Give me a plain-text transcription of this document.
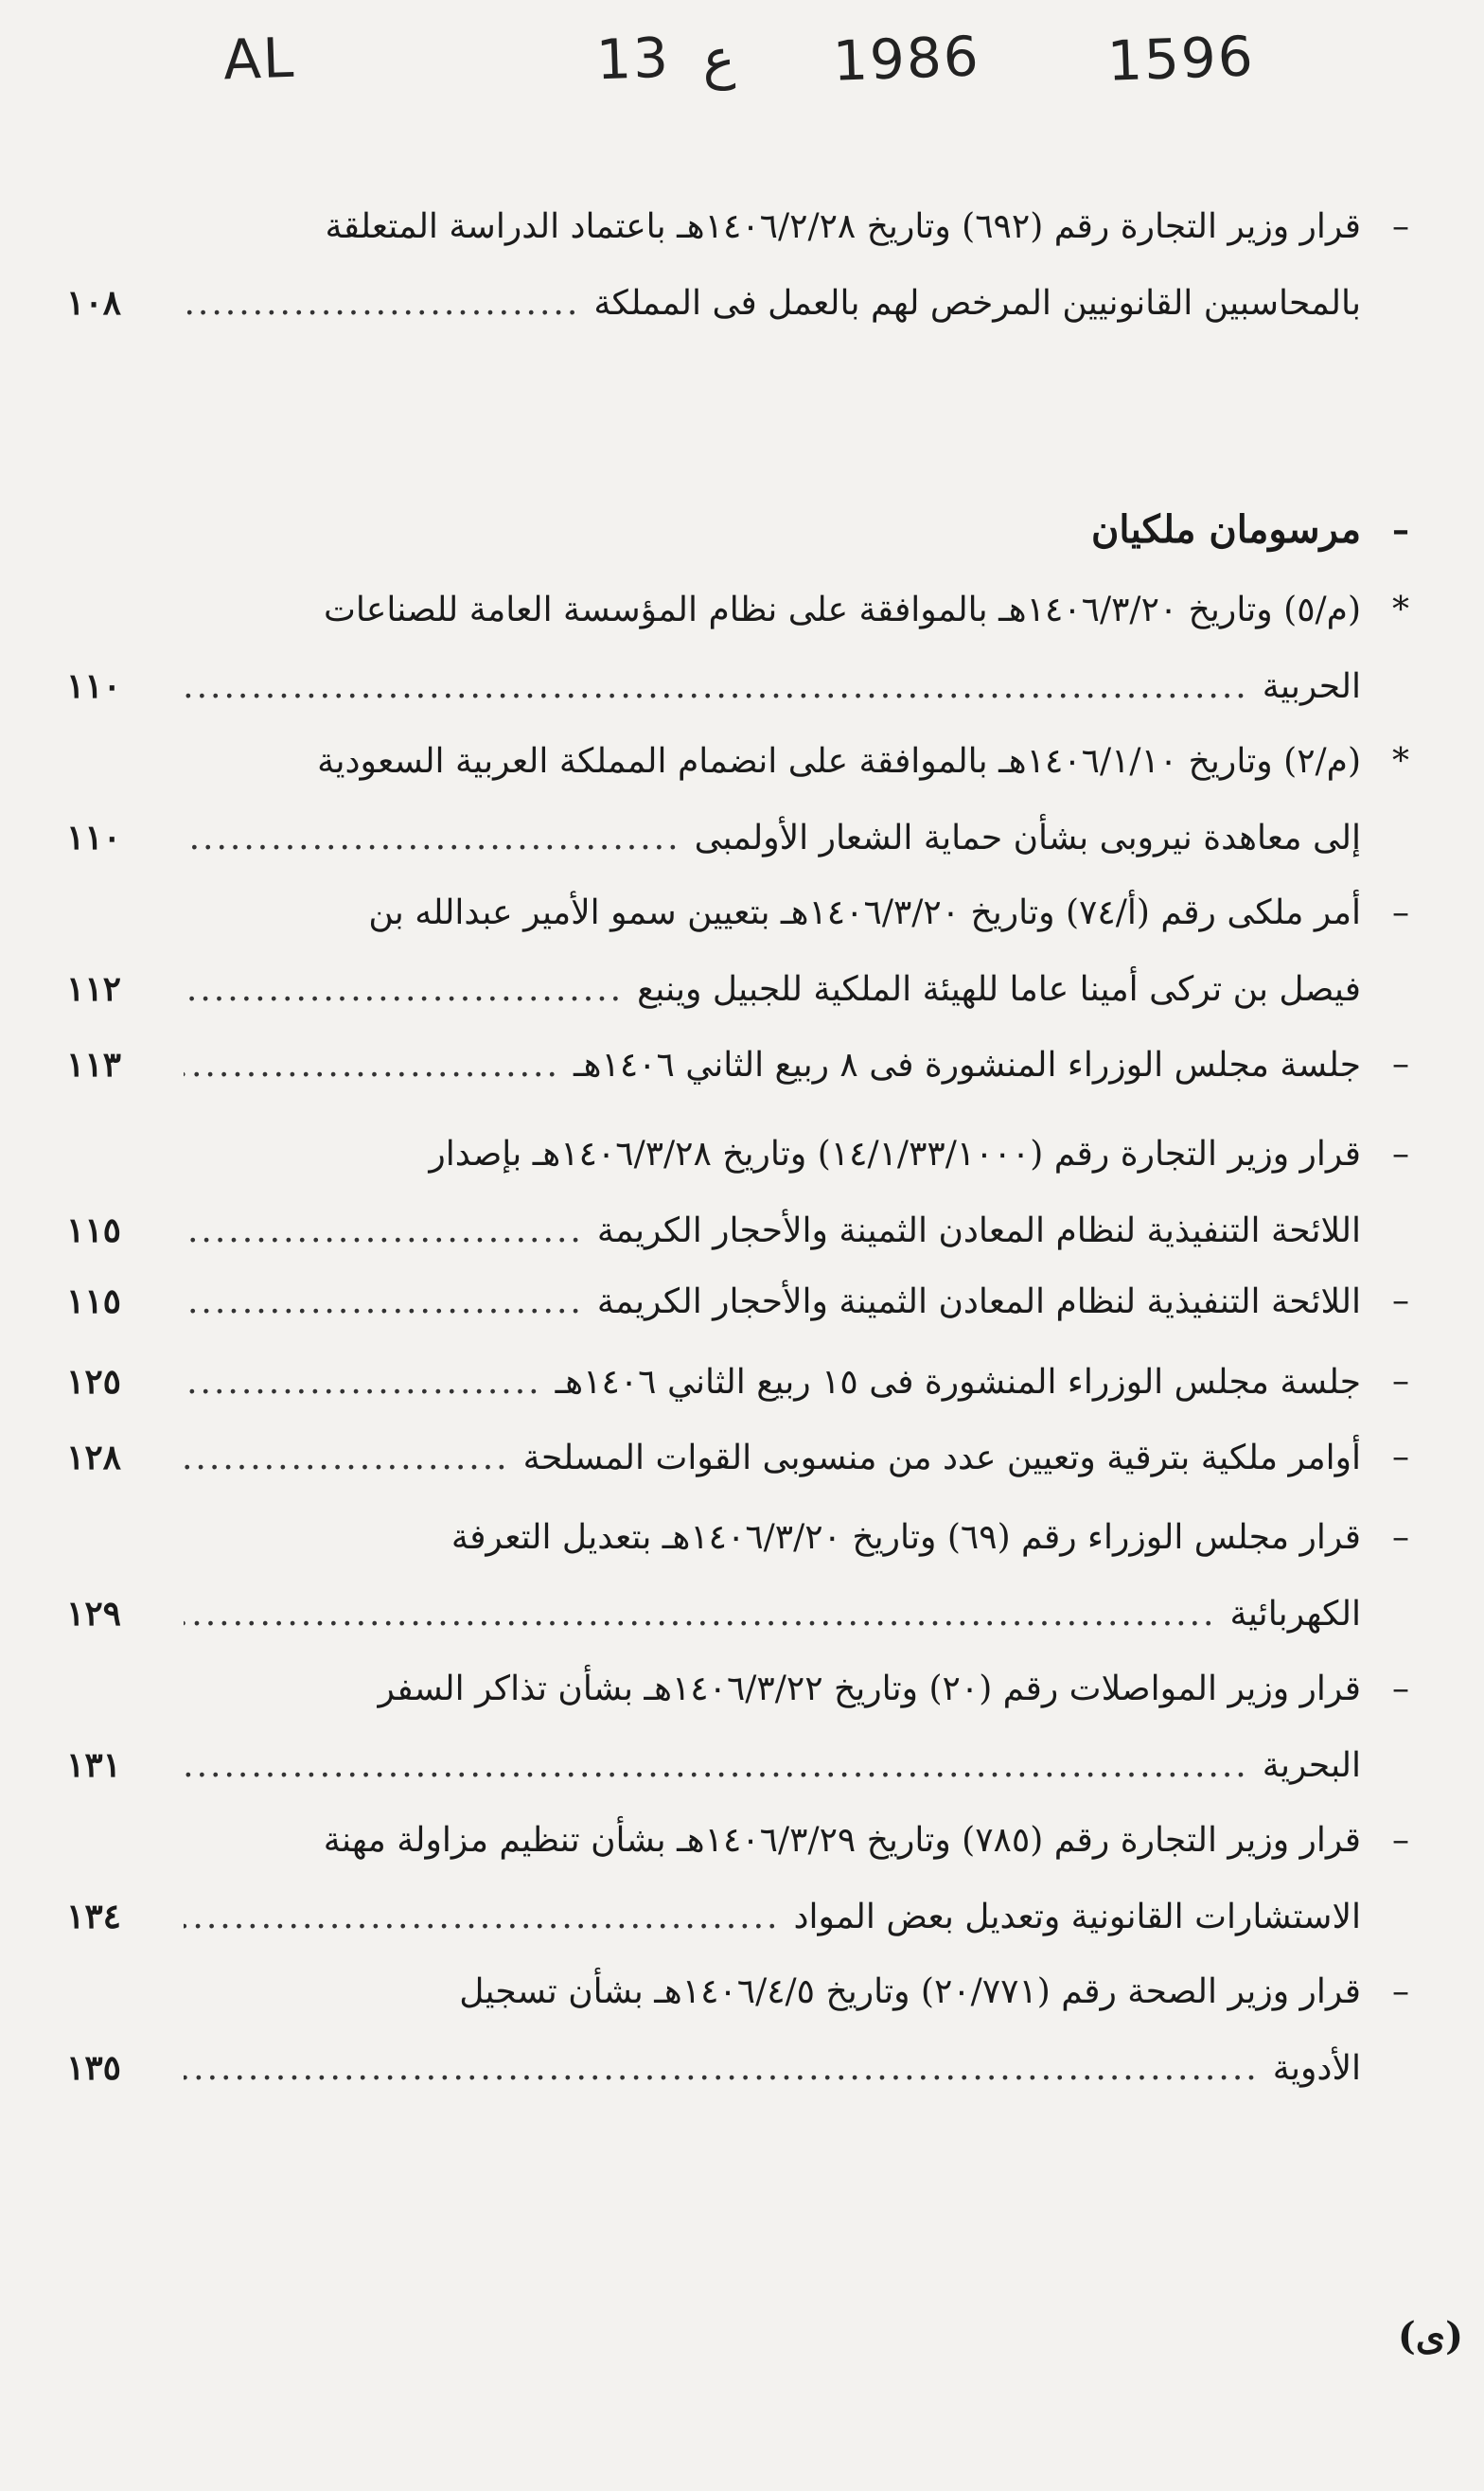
AL	13 ع 1986 1596
–
قرار وزير التجارة رقم (٦٩٢) وتاريخ ١٤٠٦/٢/٢٨هـ باعتماد الدراسة المتعلقة
بالمحاسبين القانونيين المرخص لهم بالعمل فى المملكة
.....
١٠٨
–
مرسومان ملكيان
*
(م/٥) وتاريخ ١٤٠٦/٣/٢٠هـ بالموافقة على نظام المؤسسة العامة للصناعات
الحربية
.....
١١٠
*
(م/٢) وتاريخ ١٤٠٦/١/١٠هـ بالموافقة على انضمام المملكة العربية السعودية
إلى معاهدة نيروبى بشأن حماية الشعار الأولمبى
.....
١١٠
–
أمر ملكى رقم (أ/٧٤) وتاريخ ١٤٠٦/٣/٢٠هـ بتعيين سمو الأمير عبدالله بن
فيصل بن تركى أمينا عاما للهيئة الملكية للجبيل وينبع
.....
١١٢
–
جلسة مجلس الوزراء المنشورة فى ٨ ربيع الثاني ١٤٠٦هـ
.....
١١٣
–
قرار وزير التجارة رقم (١٤/١/٣٣/١٠٠٠) وتاريخ ١٤٠٦/٣/٢٨هـ بإصدار
اللائحة التنفيذية لنظام المعادن الثمينة والأحجار الكريمة
.....
١١٥
–
اللائحة التنفيذية لنظام المعادن الثمينة والأحجار الكريمة
.....
١١٥
–
جلسة مجلس الوزراء المنشورة فى ١٥ ربيع الثاني ١٤٠٦هـ
.....
١٢٥
–
أوامر ملكية بترقية وتعيين عدد من منسوبى القوات المسلحة
.....
١٢٨
–
قرار مجلس الوزراء رقم (٦٩) وتاريخ ١٤٠٦/٣/٢٠هـ بتعديل التعرفة
الكهربائية
.....
١٢٩
–
قرار وزير المواصلات رقم (٢٠) وتاريخ ١٤٠٦/٣/٢٢هـ بشأن تذاكر السفر
البحرية
.....
١٣١
–
قرار وزير التجارة رقم (٧٨٥) وتاريخ ١٤٠٦/٣/٢٩هـ بشأن تنظيم مزاولة مهنة
الاستشارات القانونية وتعديل بعض المواد
.....
١٣٤
–
قرار وزير الصحة رقم (٢٠/٧٧١) وتاريخ ١٤٠٦/٤/٥هـ بشأن تسجيل
الأدوية
.....
١٣٥
(ى)
